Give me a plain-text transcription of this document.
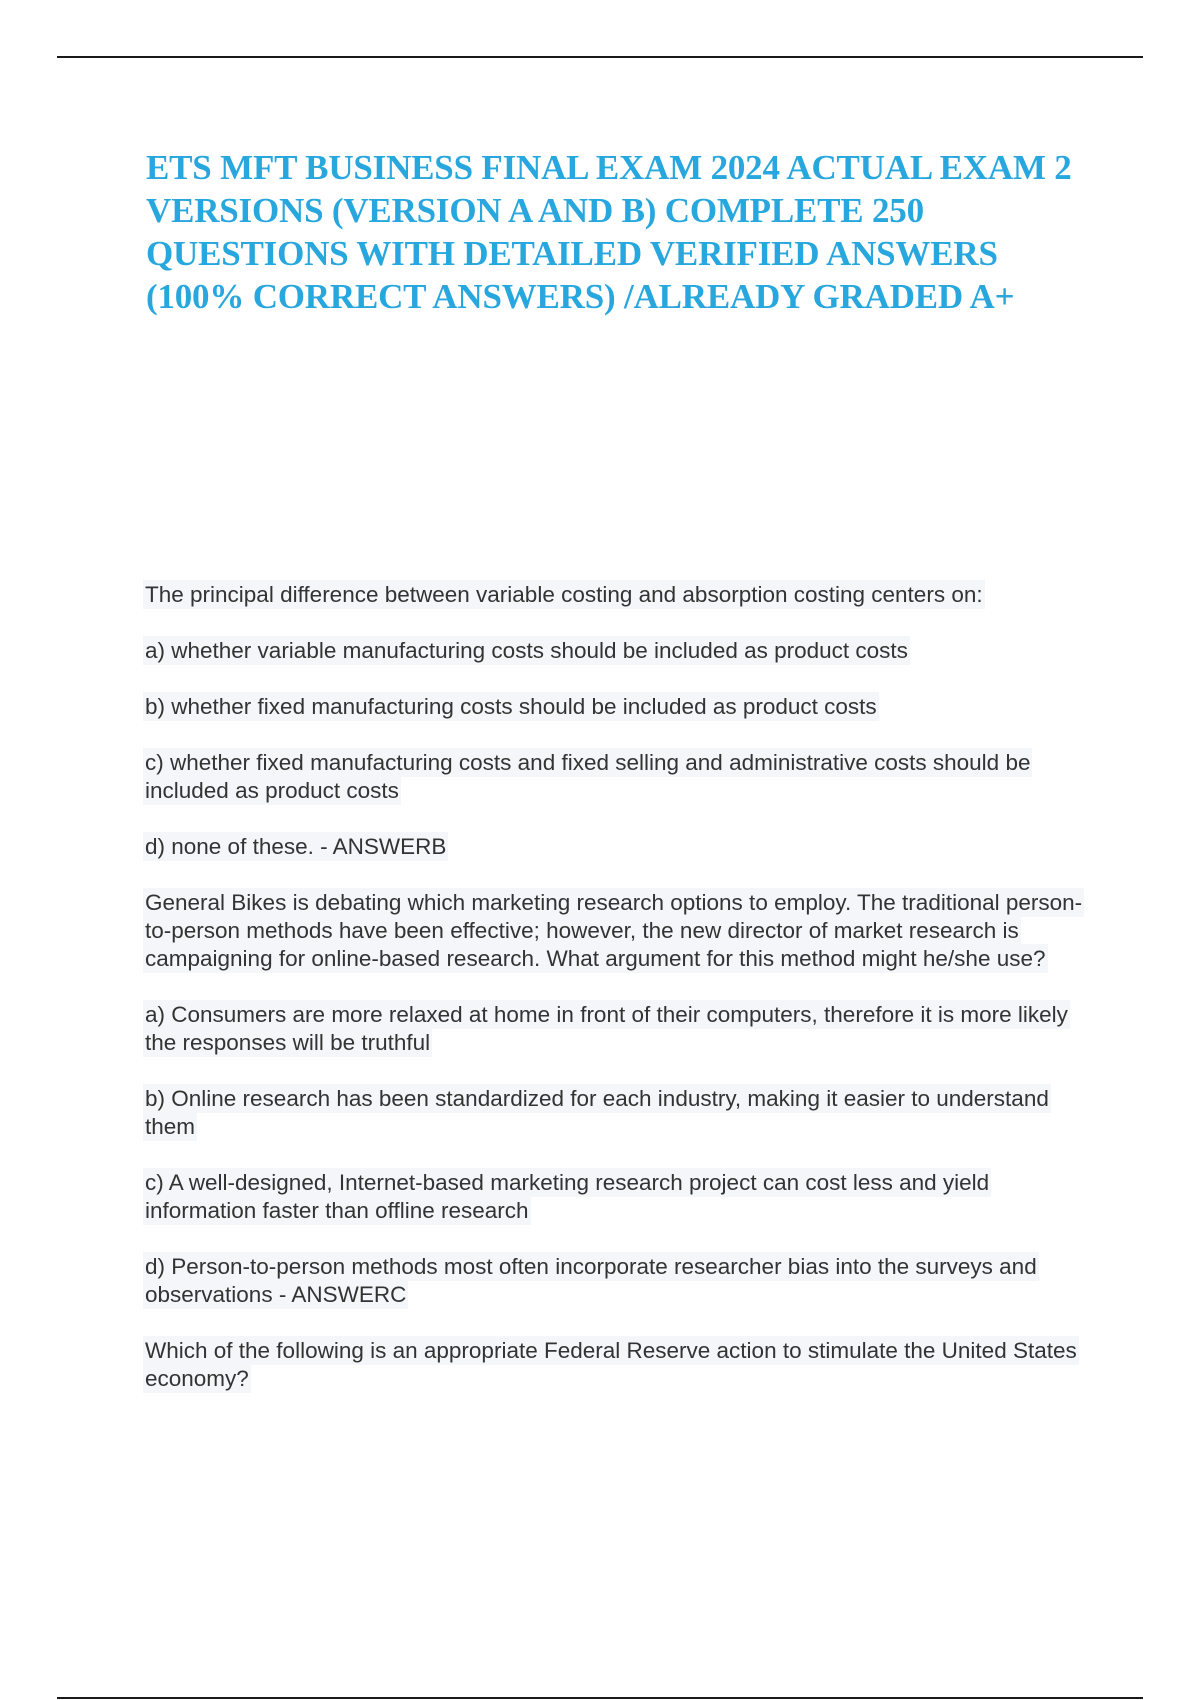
ETS MFT BUSINESS FINAL EXAM 2024 ACTUAL EXAM 2 VERSIONS (VERSION A AND B) COMPLETE 250 QUESTIONS WITH DETAILED VERIFIED ANSWERS (100% CORRECT ANSWERS) /ALREADY GRADED A+

The principal difference between variable costing and absorption costing centers on:

a) whether variable manufacturing costs should be included as product costs

b) whether fixed manufacturing costs should be included as product costs

c) whether fixed manufacturing costs and fixed selling and administrative costs should be included as product costs

d) none of these. - ANSWERB

General Bikes is debating which marketing research options to employ. The traditional person-to-person methods have been effective; however, the new director of market research is campaigning for online-based research. What argument for this method might he/she use?

a) Consumers are more relaxed at home in front of their computers, therefore it is more likely the responses will be truthful

b) Online research has been standardized for each industry, making it easier to understand them

c) A well-designed, Internet-based marketing research project can cost less and yield information faster than offline research

d) Person-to-person methods most often incorporate researcher bias into the surveys and observations - ANSWERC

Which of the following is an appropriate Federal Reserve action to stimulate the United States economy?
